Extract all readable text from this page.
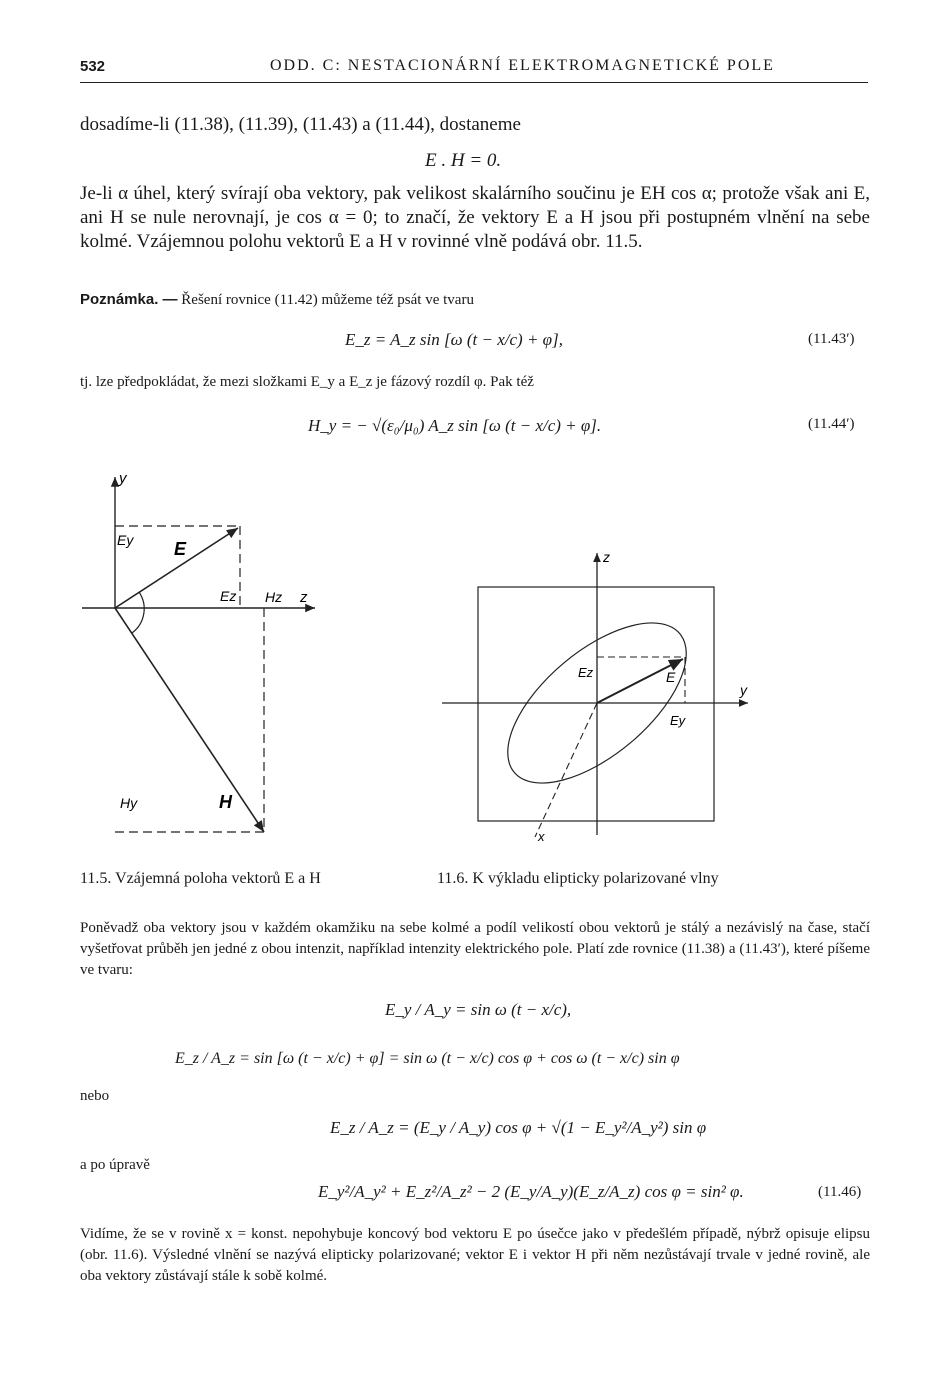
532	ODD. C: NESTACIONÁRNÍ ELEKTROMAGNETICKÉ POLE
dosadíme-li (11.38), (11.39), (11.43) a (11.44), dostaneme
E . H = 0.
Je-li α úhel, který svírají oba vektory, pak velikost skalárního součinu je EH cos α; protože však ani E, ani H se nule nerovnají, je cos α = 0; to značí, že vektory E a H jsou při postupném vlnění na sebe kolmé. Vzájemnou polohu vektorů E a H v rovinné vlně podává obr. 11.5.
Poznámka. — Řešení rovnice (11.42) můžeme též psát ve tvaru
E_z = A_z sin [ω (t − x/c) + φ],	(11.43′)
tj. lze předpokládat, že mezi složkami E_y a E_z je fázový rozdíl φ. Pak též
H_y = − √(ε₀/μ₀) A_z sin [ω (t − x/c) + φ].	(11.44′)
y
Ey E
Ez Hz z
Hy	H
z
y
Ez	E
Ey
x
11.5. Vzájemná poloha vektorů E a H	11.6. K výkladu elipticky polarizované vlny
Poněvadž oba vektory jsou v každém okamžiku na sebe kolmé a podíl velikostí obou vektorů je stálý a nezávislý na čase, stačí vyšetřovat průběh jen jedné z obou intenzit, například intenzity elektrického pole. Platí zde rovnice (11.38) a (11.43′), které píšeme ve tvaru:
E_y / A_y = sin ω (t − x/c),
E_z / A_z = sin [ω (t − x/c) + φ] = sin ω (t − x/c) cos φ + cos ω (t − x/c) sin φ
nebo
E_z / A_z = (E_y / A_y) cos φ + √(1 − E_y²/A_y²) sin φ
a po úpravě
E_y²/A_y² + E_z²/A_z² − 2 (E_y/A_y)(E_z/A_z) cos φ = sin² φ.	(11.46)
Vidíme, že se v rovině x = konst. nepohybuje koncový bod vektoru E po úsečce jako v předešlém případě, nýbrž opisuje elipsu (obr. 11.6). Výsledné vlnění se nazývá elipticky polarizované; vektor E i vektor H při něm nezůstávají trvale v jedné rovině, ale oba vektory zůstávají stále k sobě kolmé.
